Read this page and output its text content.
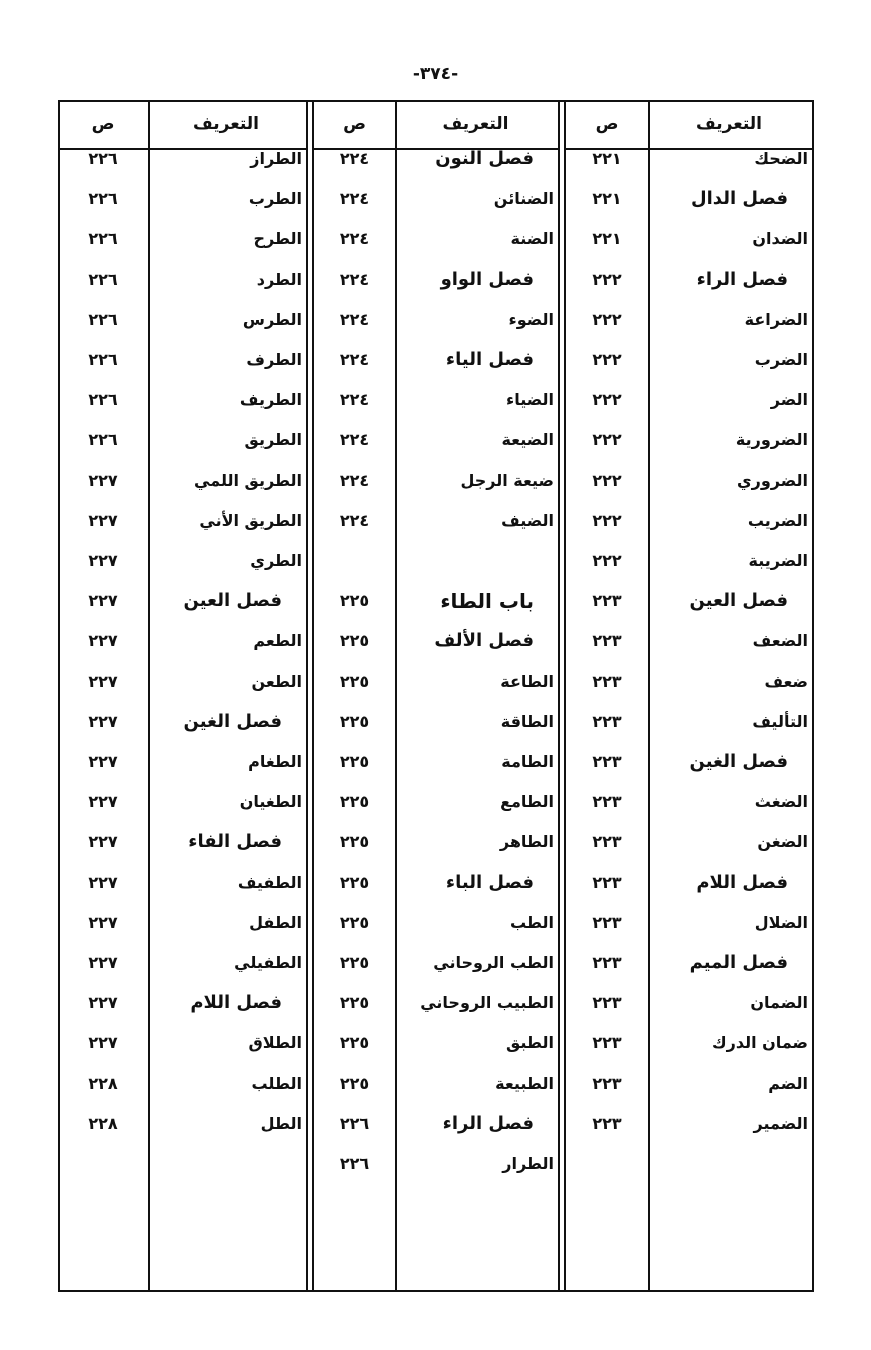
-٣٧٤-
التعريف
ص
الضحك
٢٢١
فصل الدال
٢٢١
الضدان
٢٢١
فصل الراء
٢٢٢
الضراعة
٢٢٢
الضرب
٢٢٢
الضر
٢٢٢
الضرورية
٢٢٢
الضروري
٢٢٢
الضريب
٢٢٢
الضريبة
٢٢٢
فصل العين
٢٢٣
الضعف
٢٢٣
ضعف
٢٢٣
التأليف
٢٢٣
فصل الغين
٢٢٣
الضغث
٢٢٣
الضغن
٢٢٣
فصل اللام
٢٢٣
الضلال
٢٢٣
فصل الميم
٢٢٣
الضمان
٢٢٣
ضمان الدرك
٢٢٣
الضم
٢٢٣
الضمير
٢٢٣
التعريف
ص
فصل النون
٢٢٤
الضنائن
٢٢٤
الضنة
٢٢٤
فصل الواو
٢٢٤
الضوء
٢٢٤
فصل الياء
٢٢٤
الضياء
٢٢٤
الضيعة
٢٢٤
ضيعة الرجل
٢٢٤
الضيف
٢٢٤
باب الطاء
٢٢٥
فصل الألف
٢٢٥
الطاعة
٢٢٥
الطاقة
٢٢٥
الطامة
٢٢٥
الطامع
٢٢٥
الطاهر
٢٢٥
فصل الباء
٢٢٥
الطب
٢٢٥
الطب الروحاني
٢٢٥
الطبيب الروحاني
٢٢٥
الطبق
٢٢٥
الطبيعة
٢٢٥
فصل الراء
٢٢٦
الطرار
٢٢٦
التعريف
ص
الطراز
٢٢٦
الطرب
٢٢٦
الطرح
٢٢٦
الطرد
٢٢٦
الطرس
٢٢٦
الطرف
٢٢٦
الطريف
٢٢٦
الطريق
٢٢٦
الطريق اللمي
٢٢٧
الطريق الأني
٢٢٧
الطري
٢٢٧
فصل العين
٢٢٧
الطعم
٢٢٧
الطعن
٢٢٧
فصل الغين
٢٢٧
الطغام
٢٢٧
الطغيان
٢٢٧
فصل الفاء
٢٢٧
الطفيف
٢٢٧
الطفل
٢٢٧
الطفيلي
٢٢٧
فصل اللام
٢٢٧
الطلاق
٢٢٧
الطلب
٢٢٨
الطل
٢٢٨
